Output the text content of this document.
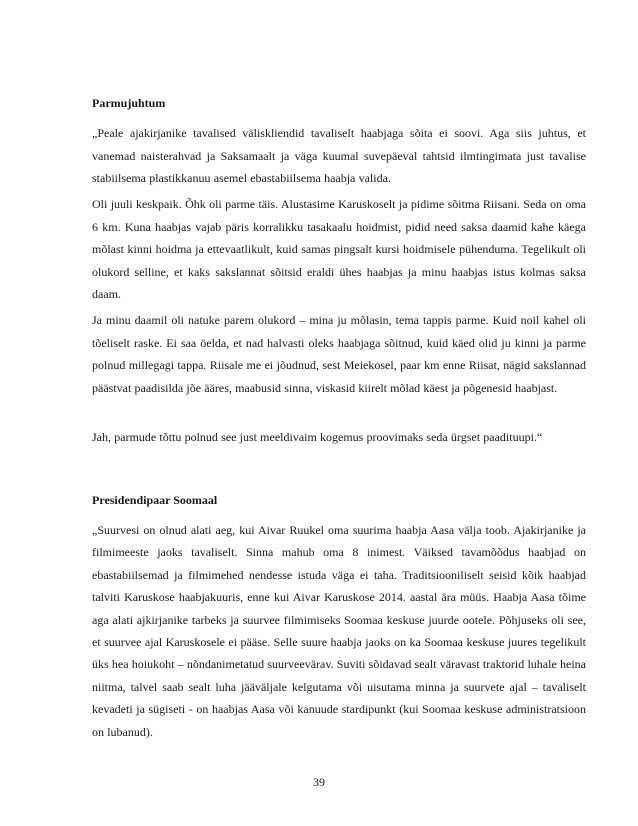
Parmujuhtum
„Peale ajakirjanike tavalised väliskliendid tavaliselt haabjaga sõita ei soovi. Aga siis juhtus, et vanemad naisterahvad ja Saksamaalt ja väga kuumal suvepäeval tahtsid ilmtingimata just tavalise stabiilsema plastikkanuu asemel ebastabiilsema haabja valida.
Oli juuli keskpaik. Õhk oli parme täis. Alustasime Karuskoselt ja pidime sõitma Riisani. Seda on oma 6 km. Kuna haabjas vajab päris korralikku tasakaalu hoidmist, pidid need saksa daamid kahe käega mõlast kinni hoidma ja ettevaatlikult, kuid samas pingsalt kursi hoidmisele pühenduma. Tegelikult oli olukord selline, et kaks sakslannat sõitsid eraldi ühes haabjas ja minu haabjas istus kolmas saksa daam.
Ja minu daamil oli natuke parem olukord – mina ju mõlasin, tema tappis parme. Kuid noil kahel oli tõeliselt raske. Ei saa öelda, et nad halvasti oleks haabjaga sõitnud, kuid käed olid ju kinni ja parme polnud millegagi tappa. Riisale me ei jõudnud, sest Meiekosel, paar km enne Riisat, nägid sakslannad päästvat paadisilda jõe ääres, maabusid sinna, viskasid kiirelt mõlad käest ja põgenesid haabjast.
Jah, parmude tõttu polnud see just meeldivaim kogemus proovimaks seda ürgset paadituupi.“
Presidendipaar Soomaal
„Suurvesi on olnud alati aeg, kui Aivar Ruukel oma suurima haabja Aasa välja toob. Ajakirjanike ja filmimeeste jaoks tavaliselt. Sinna mahub oma 8 inimest. Väiksed tavamõõdus haabjad on ebastabiilsemad ja filmimehed nendesse istuda väga ei taha. Traditsiooniliselt seisid kõik haabjad talviti Karuskose haabjakuuris, enne kui Aivar Karuskose 2014. aastal ära müüs. Haabja Aasa tõime aga alati ajkirjanike tarbeks ja suurvee filmimiseks Soomaa keskuse juurde ootele. Põhjuseks oli see, et suurvee ajal Karuskosele ei pääse. Selle suure haabja jaoks on ka Soomaa keskuse juures tegelikult üks hea hoiukoht – nõndanimetatud suurveevärav. Suviti sõidavad sealt väravast traktorid luhale heina niitma, talvel saab sealt luha jääväljale kelgutama või uisutama minna ja suurvete ajal – tavaliselt kevadeti ja sügiseti - on haabjas Aasa või kanuude stardipunkt (kui Soomaa keskuse administratsioon on lubanud).
39
